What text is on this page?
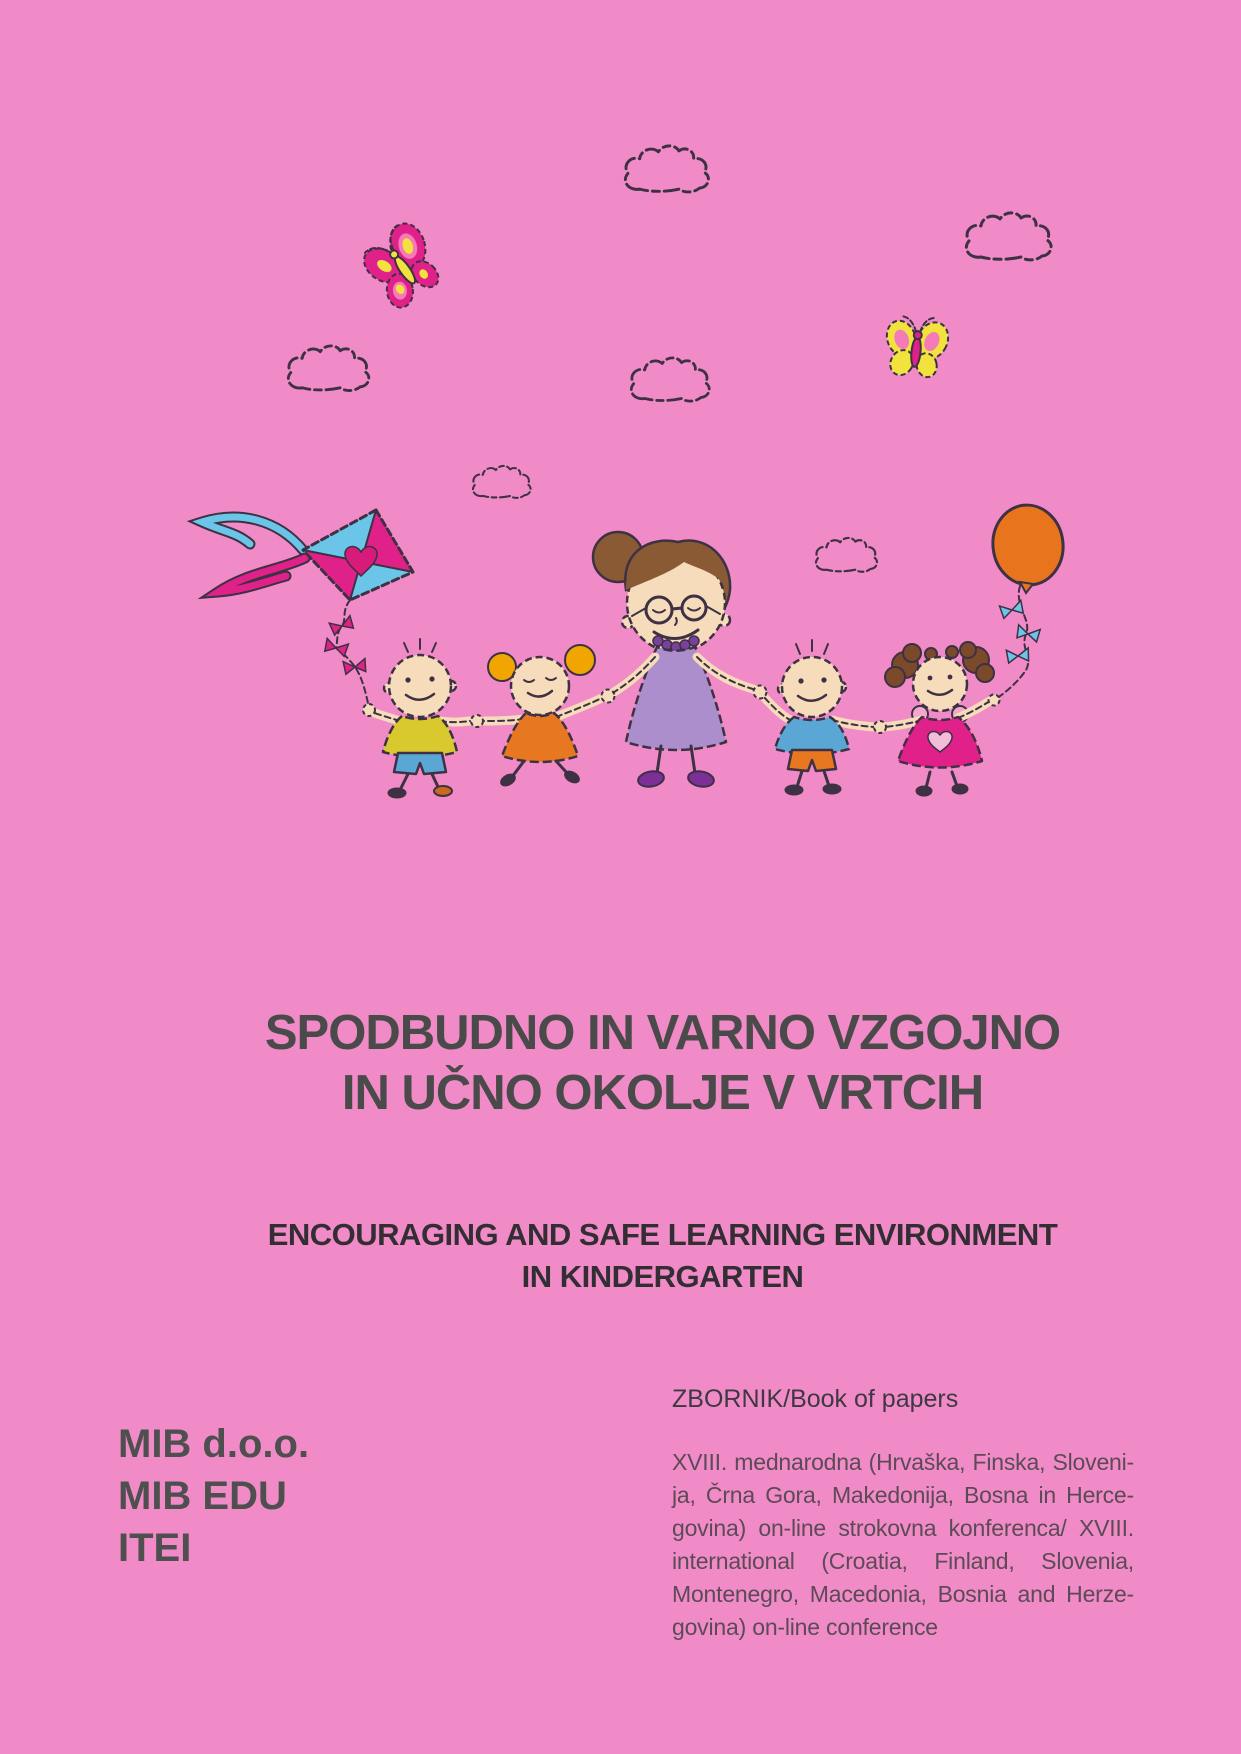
SPODBUDNO IN VARNO VZGOJNO
IN UČNO OKOLJE V VRTCIH
ENCOURAGING AND SAFE LEARNING ENVIRONMENT
IN KINDERGARTEN
MIB d.o.o.
MIB EDU
ITEI
ZBORNIK/Book of papers
XVIII. mednarodna (Hrvaška, Finska, Sloveni-
ja, Črna Gora, Makedonija, Bosna in Herce-
govina) on-line strokovna konferenca/ XVIII.
international (Croatia, Finland, Slovenia,
Montenegro, Macedonia, Bosnia and Herze-
govina) on-line conference
